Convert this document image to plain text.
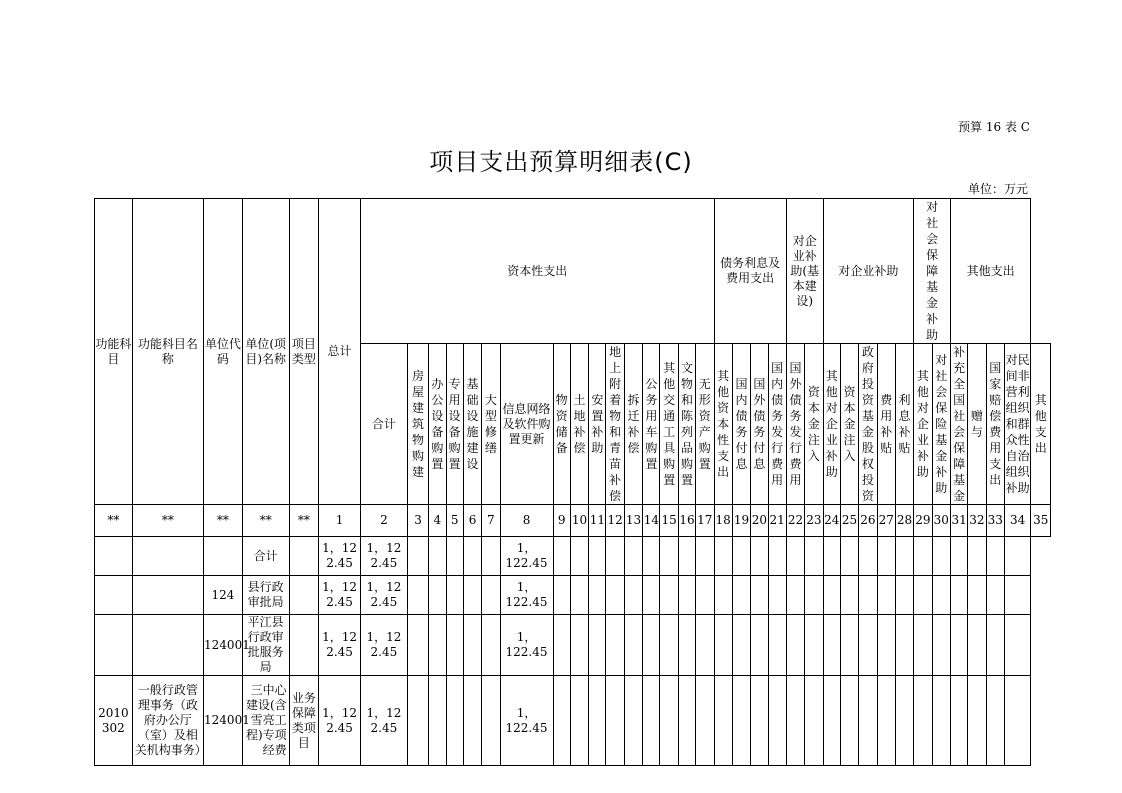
预算 16 表 C
项目支出预算明细表(C)
单位：万元
功能科目	功能科目名称	单位代码	单位(项目)名称	项目类型	总计	资本性支出																债务利息及费用支出				对企业补助(基本建设)		对企业补助					对社会保障基金补助		其他支出				
						合计	房屋建筑物购建	办公设备购置	专用设备购置	基础设施建设	大型修缮	信息网络及软件购置更新	物资储备	土地补偿	安置补助	地上附着物和青苗补偿	拆迁补偿	公务用车购置	其他交通工具购置	文物和陈列品购置	无形资产购置	其他资本性支出	国内债务付息	国外债务付息	国内债务发行费用	国外债务发行费用	资本金注入	其他对企业补助	资本金注入	政府投资基金股权投资	费用补贴	利息补贴	其他对企业补助	对社会保险基金补助	补充全国社会保障基金	赠与	国家赔偿费用支出	对民间非营利组织和群众性自治组织补助	其他支出
**	**	**	**	**	1	2	3	4	5	6	7	8	9	10	11	12	13	14	15	16	17	18	19	20	21	22	23	24	25	26	27	28	29	30	31	32	33	34	35
			合计		1，122.45	1，122.45						1，122.45																											
		124	县行政审批局		1，122.45	1，122.45						1，122.45																											
		124001	平江县行政审批服务局		1，122.45	1，122.45						1，122.45																											
2010302	一般行政管理事务（政府办公厅（室）及相关机构事务）	124001	三中心建设(含雪亮工程)专项经费	业务保障类项目	1，122.45	1，122.45						1，122.45																											
